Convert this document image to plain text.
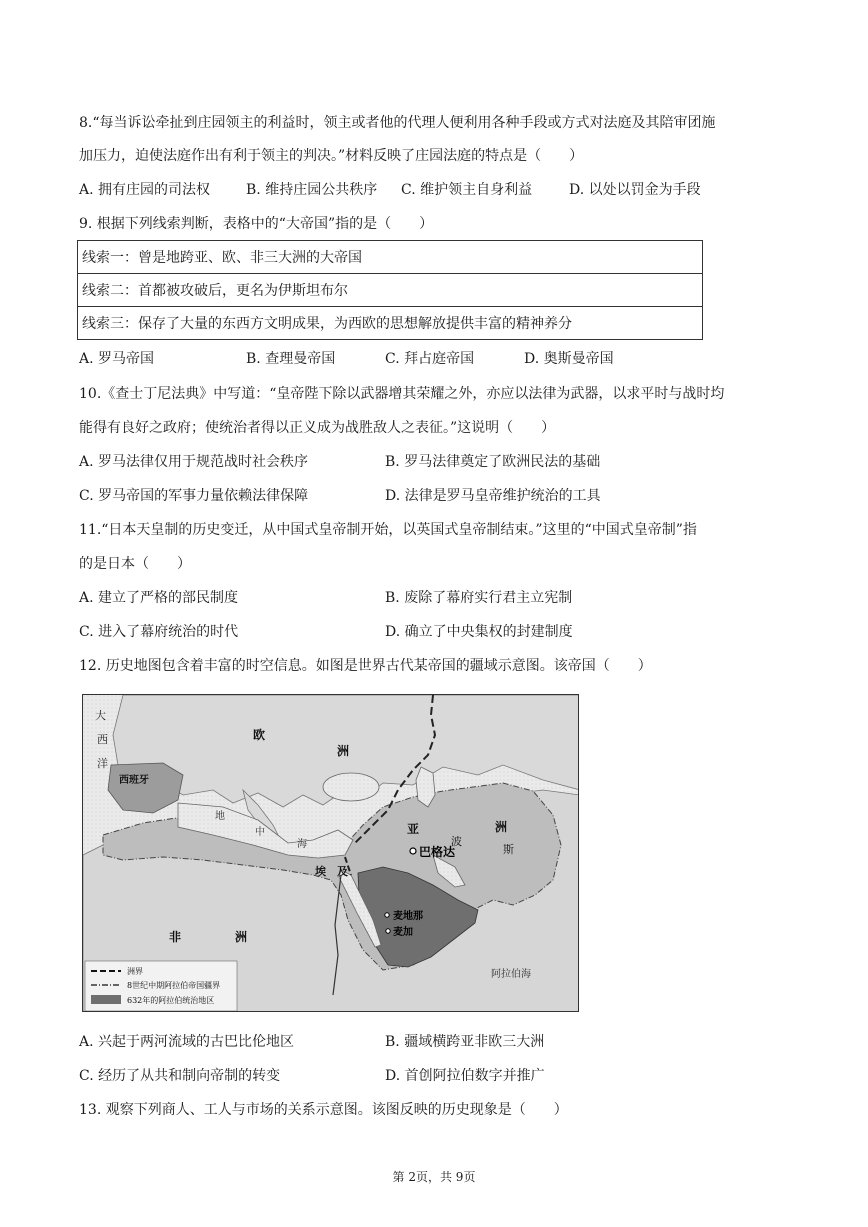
8.“每当诉讼牵扯到庄园领主的利益时，领主或者他的代理人便利用各种手段或方式对法庭及其陪审团施
加压力，迫使法庭作出有利于领主的判决。”材料反映了庄园法庭的特点是（　　）
A. 拥有庄园的司法权	B. 维持庄园公共秩序 C. 维护领主自身利益	D. 以处以罚金为手段
9. 根据下列线索判断，表格中的“大帝国”指的是（　　）
线索一：曾是地跨亚、欧、非三大洲的大帝国
线索二：首都被攻破后，更名为伊斯坦布尔
线索三：保存了大量的东西方文明成果，为西欧的思想解放提供丰富的精神养分
A. 罗马帝国	B. 查理曼帝国	C. 拜占庭帝国	D. 奥斯曼帝国
10.《查士丁尼法典》中写道：“皇帝陛下除以武器增其荣耀之外，亦应以法律为武器，以求平时与战时均
能得有良好之政府；使统治者得以正义成为战胜敌人之表征。”这说明（　　）
A. 罗马法律仅用于规范战时社会秩序	B. 罗马法律奠定了欧洲民法的基础
C. 罗马帝国的军事力量依赖法律保障	D. 法律是罗马皇帝维护统治的工具
11.“日本天皇制的历史变迁，从中国式皇帝制开始，以英国式皇帝制结束。”这里的“中国式皇帝制”指
的是日本（　　）
A. 建立了严格的部民制度	B. 废除了幕府实行君主立宪制
C. 进入了幕府统治的时代	D. 确立了中央集权的封建制度
12. 历史地图包含着丰富的时空信息。如图是世界古代某帝国的疆域示意图。该帝国（　　）
大
西
洋
欧
洲
西班牙
地
中
海
亚	洲
波
斯
巴格达
埃 及
麦地那
麦加
非	洲
阿拉伯海
洲界
8世纪中期阿拉伯帝国疆界
632年的阿拉伯统治地区
A. 兴起于两河流域的古巴比伦地区	B. 疆域横跨亚非欧三大洲
C. 经历了从共和制向帝制的转变	D. 首创阿拉伯数字并推广
13. 观察下列商人、工人与市场的关系示意图。该图反映的历史现象是（　　）
第 2页，共 9页
